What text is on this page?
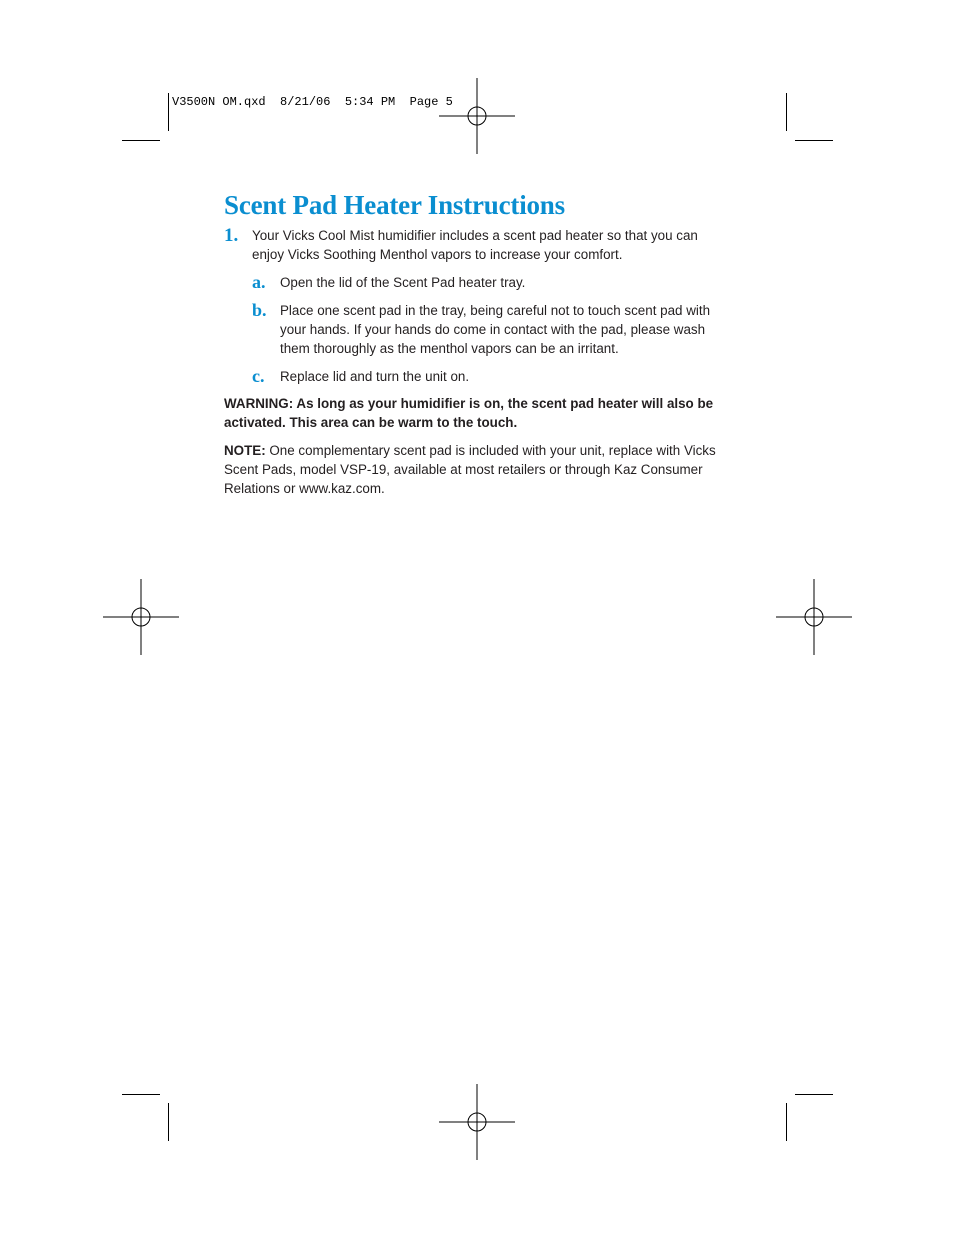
V3500N OM.qxd  8/21/06  5:34 PM  Page 5
Scent Pad Heater Instructions
1.	Your Vicks Cool Mist humidifier includes a scent pad heater so that you can enjoy Vicks Soothing Menthol vapors to increase your comfort.
a.	Open the lid of the Scent Pad heater tray.
b.	Place one scent pad in the tray, being careful not to touch scent pad with your hands. If your hands do come in contact with the pad, please wash them thoroughly as the menthol vapors can be an irritant.
c.	Replace lid and turn the unit on.
WARNING: As long as your humidifier is on, the scent pad heater will also be activated. This area can be warm to the touch.
NOTE: One complementary scent pad is included with your unit, replace with Vicks Scent Pads, model VSP-19, available at most retailers or through Kaz Consumer Relations or www.kaz.com.
